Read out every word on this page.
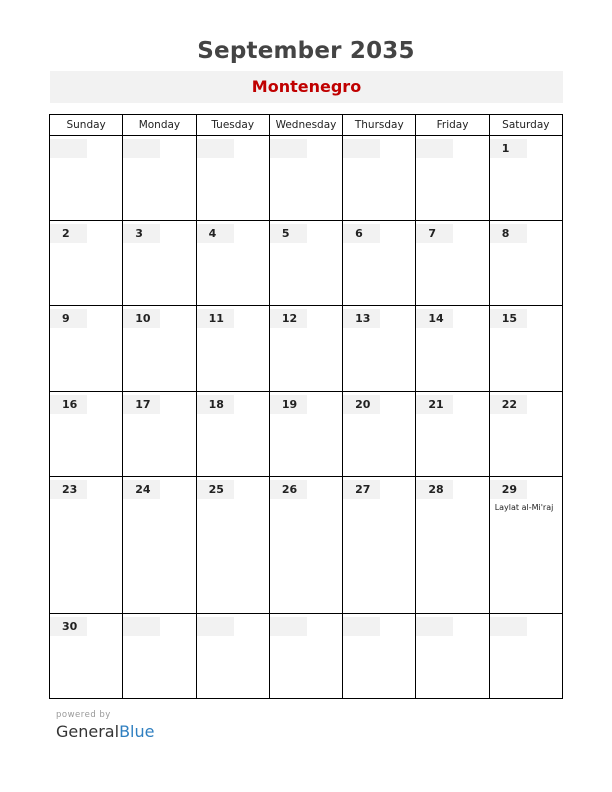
September 2035
Montenegro
Sunday	Monday	Tuesday	Wednesday	Thursday	Friday	Saturday

						1

2	3	4	5	6	7	8

9	10	11	12	13	14	15

16	17	18	19	20	21	22

23	24	25	26	27	28	29
Laylat al-Mi'raj

30						

powered by
GeneralBlue
